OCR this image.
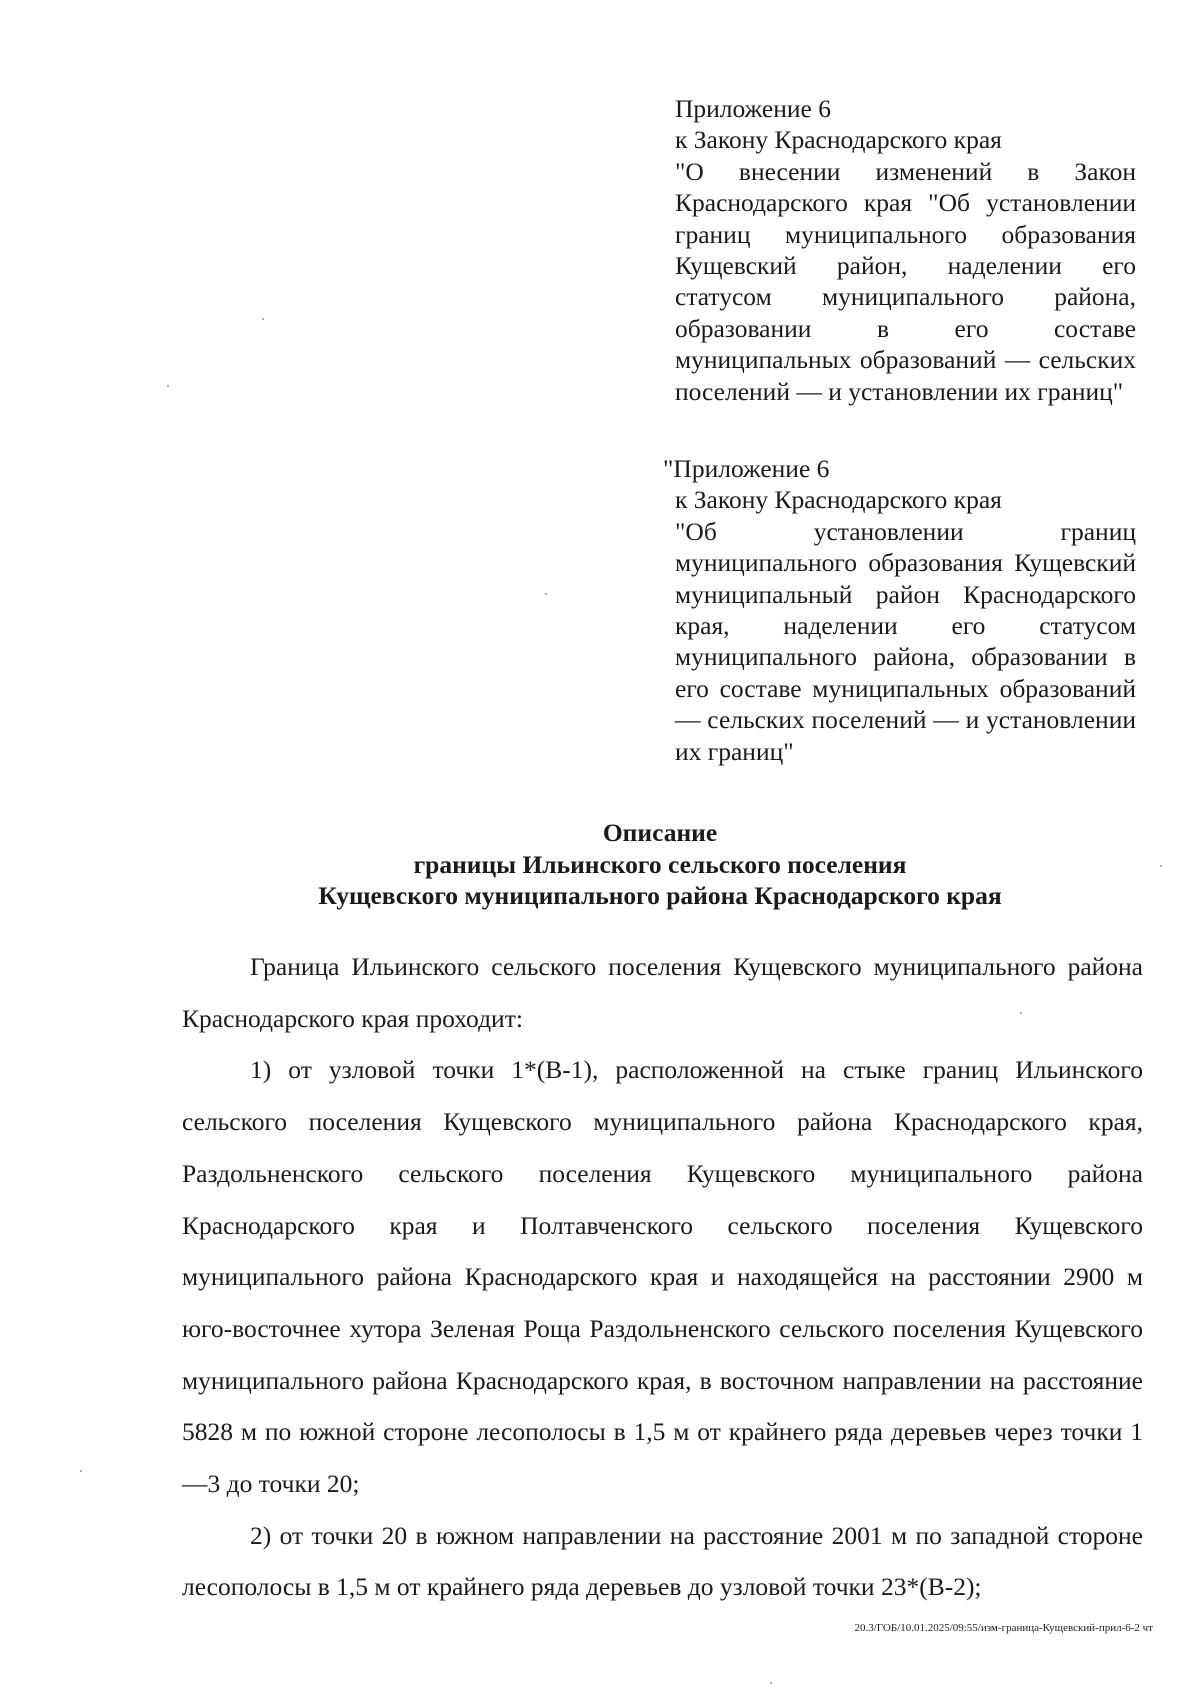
Приложение 6

к Закону Краснодарского края

"О внесении изменений в Закон Краснодарского края "Об установлении границ муниципального образования Кущевский район, наделении его статусом муниципального района, образовании в его составе муниципальных образований — сельских поселений — и установлении их границ"

"Приложение 6

к Закону Краснодарского края

"Об установлении границ муниципального образования Кущевский муниципальный район Краснодарского края, наделении его статусом муниципального района, образовании в его составе муниципальных образований — сельских поселений — и установлении их границ"

Описание
границы Ильинского сельского поселения
Кущевского муниципального района Краснодарского края

Граница Ильинского сельского поселения Кущевского муниципального района Краснодарского края проходит:

1) от узловой точки 1*(В-1), расположенной на стыке границ Ильинского сельского поселения Кущевского муниципального района Краснодарского края, Раздольненского сельского поселения Кущевского муниципального района Краснодарского края и Полтавченского сельского поселения Кущевского муниципального района Краснодарского края и находящейся на расстоянии 2900 м юго-восточнее хутора Зеленая Роща Раздольненского сельского поселения Кущевского муниципального района Краснодарского края, в восточном направлении на расстояние 5828 м по южной стороне лесополосы в 1,5 м от крайнего ряда деревьев через точки 1—3 до точки 20;

2) от точки 20 в южном направлении на расстояние 2001 м по западной стороне лесополосы в 1,5 м от крайнего ряда деревьев до узловой точки 23*(В-2);

20.3/ГОБ/10.01.2025/09:55/изм-граница-Кущевский-прил-6-2 чт
